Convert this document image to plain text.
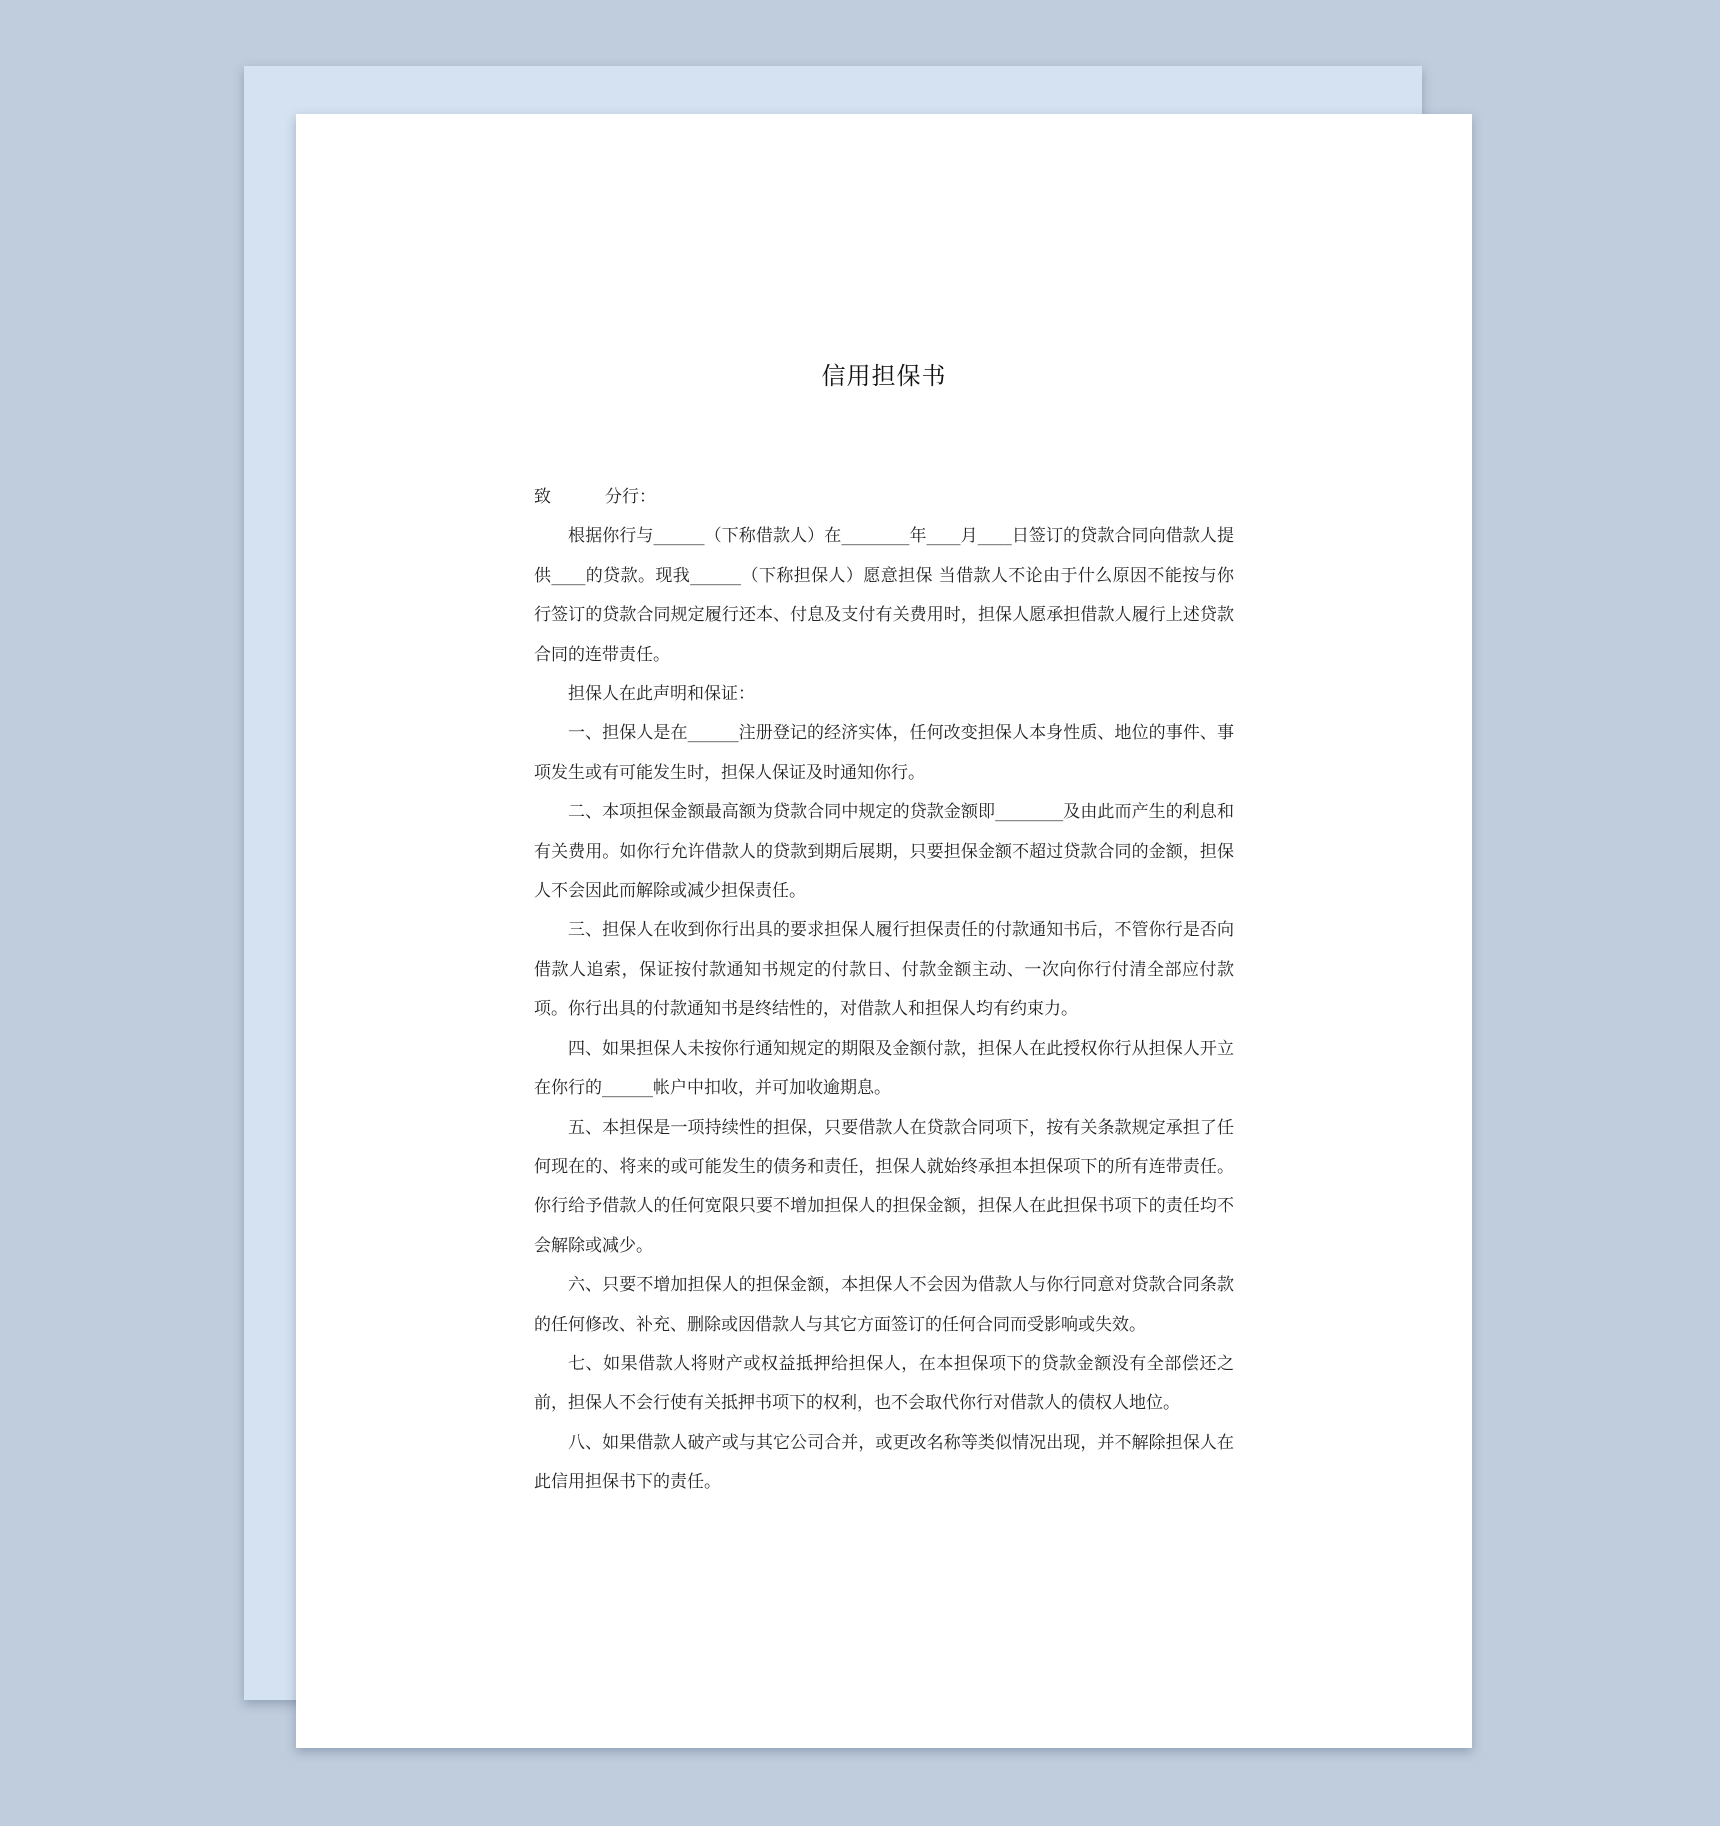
信用担保书

致          分行：

根据你行与______（下称借款人）在________年____月____日签订的贷款合同向借款人提供____的贷款。现我______（下称担保人）愿意担保 当借款人不论由于什么原因不能按与你行签订的贷款合同规定履行还本、付息及支付有关费用时，担保人愿承担借款人履行上述贷款合同的连带责任。

担保人在此声明和保证：

一、担保人是在______注册登记的经济实体，任何改变担保人本身性质、地位的事件、事项发生或有可能发生时，担保人保证及时通知你行。

二、本项担保金额最高额为贷款合同中规定的贷款金额即________及由此而产生的利息和有关费用。如你行允许借款人的贷款到期后展期，只要担保金额不超过贷款合同的金额，担保人不会因此而解除或减少担保责任。

三、担保人在收到你行出具的要求担保人履行担保责任的付款通知书后，不管你行是否向借款人追索，保证按付款通知书规定的付款日、付款金额主动、一次向你行付清全部应付款项。你行出具的付款通知书是终结性的，对借款人和担保人均有约束力。

四、如果担保人未按你行通知规定的期限及金额付款，担保人在此授权你行从担保人开立在你行的______帐户中扣收，并可加收逾期息。

五、本担保是一项持续性的担保，只要借款人在贷款合同项下，按有关条款规定承担了任何现在的、将来的或可能发生的债务和责任，担保人就始终承担本担保项下的所有连带责任。你行给予借款人的任何宽限只要不增加担保人的担保金额，担保人在此担保书项下的责任均不会解除或减少。

六、只要不增加担保人的担保金额，本担保人不会因为借款人与你行同意对贷款合同条款的任何修改、补充、删除或因借款人与其它方面签订的任何合同而受影响或失效。

七、如果借款人将财产或权益抵押给担保人，在本担保项下的贷款金额没有全部偿还之前，担保人不会行使有关抵押书项下的权利，也不会取代你行对借款人的债权人地位。

八、如果借款人破产或与其它公司合并，或更改名称等类似情况出现，并不解除担保人在此信用担保书下的责任。
